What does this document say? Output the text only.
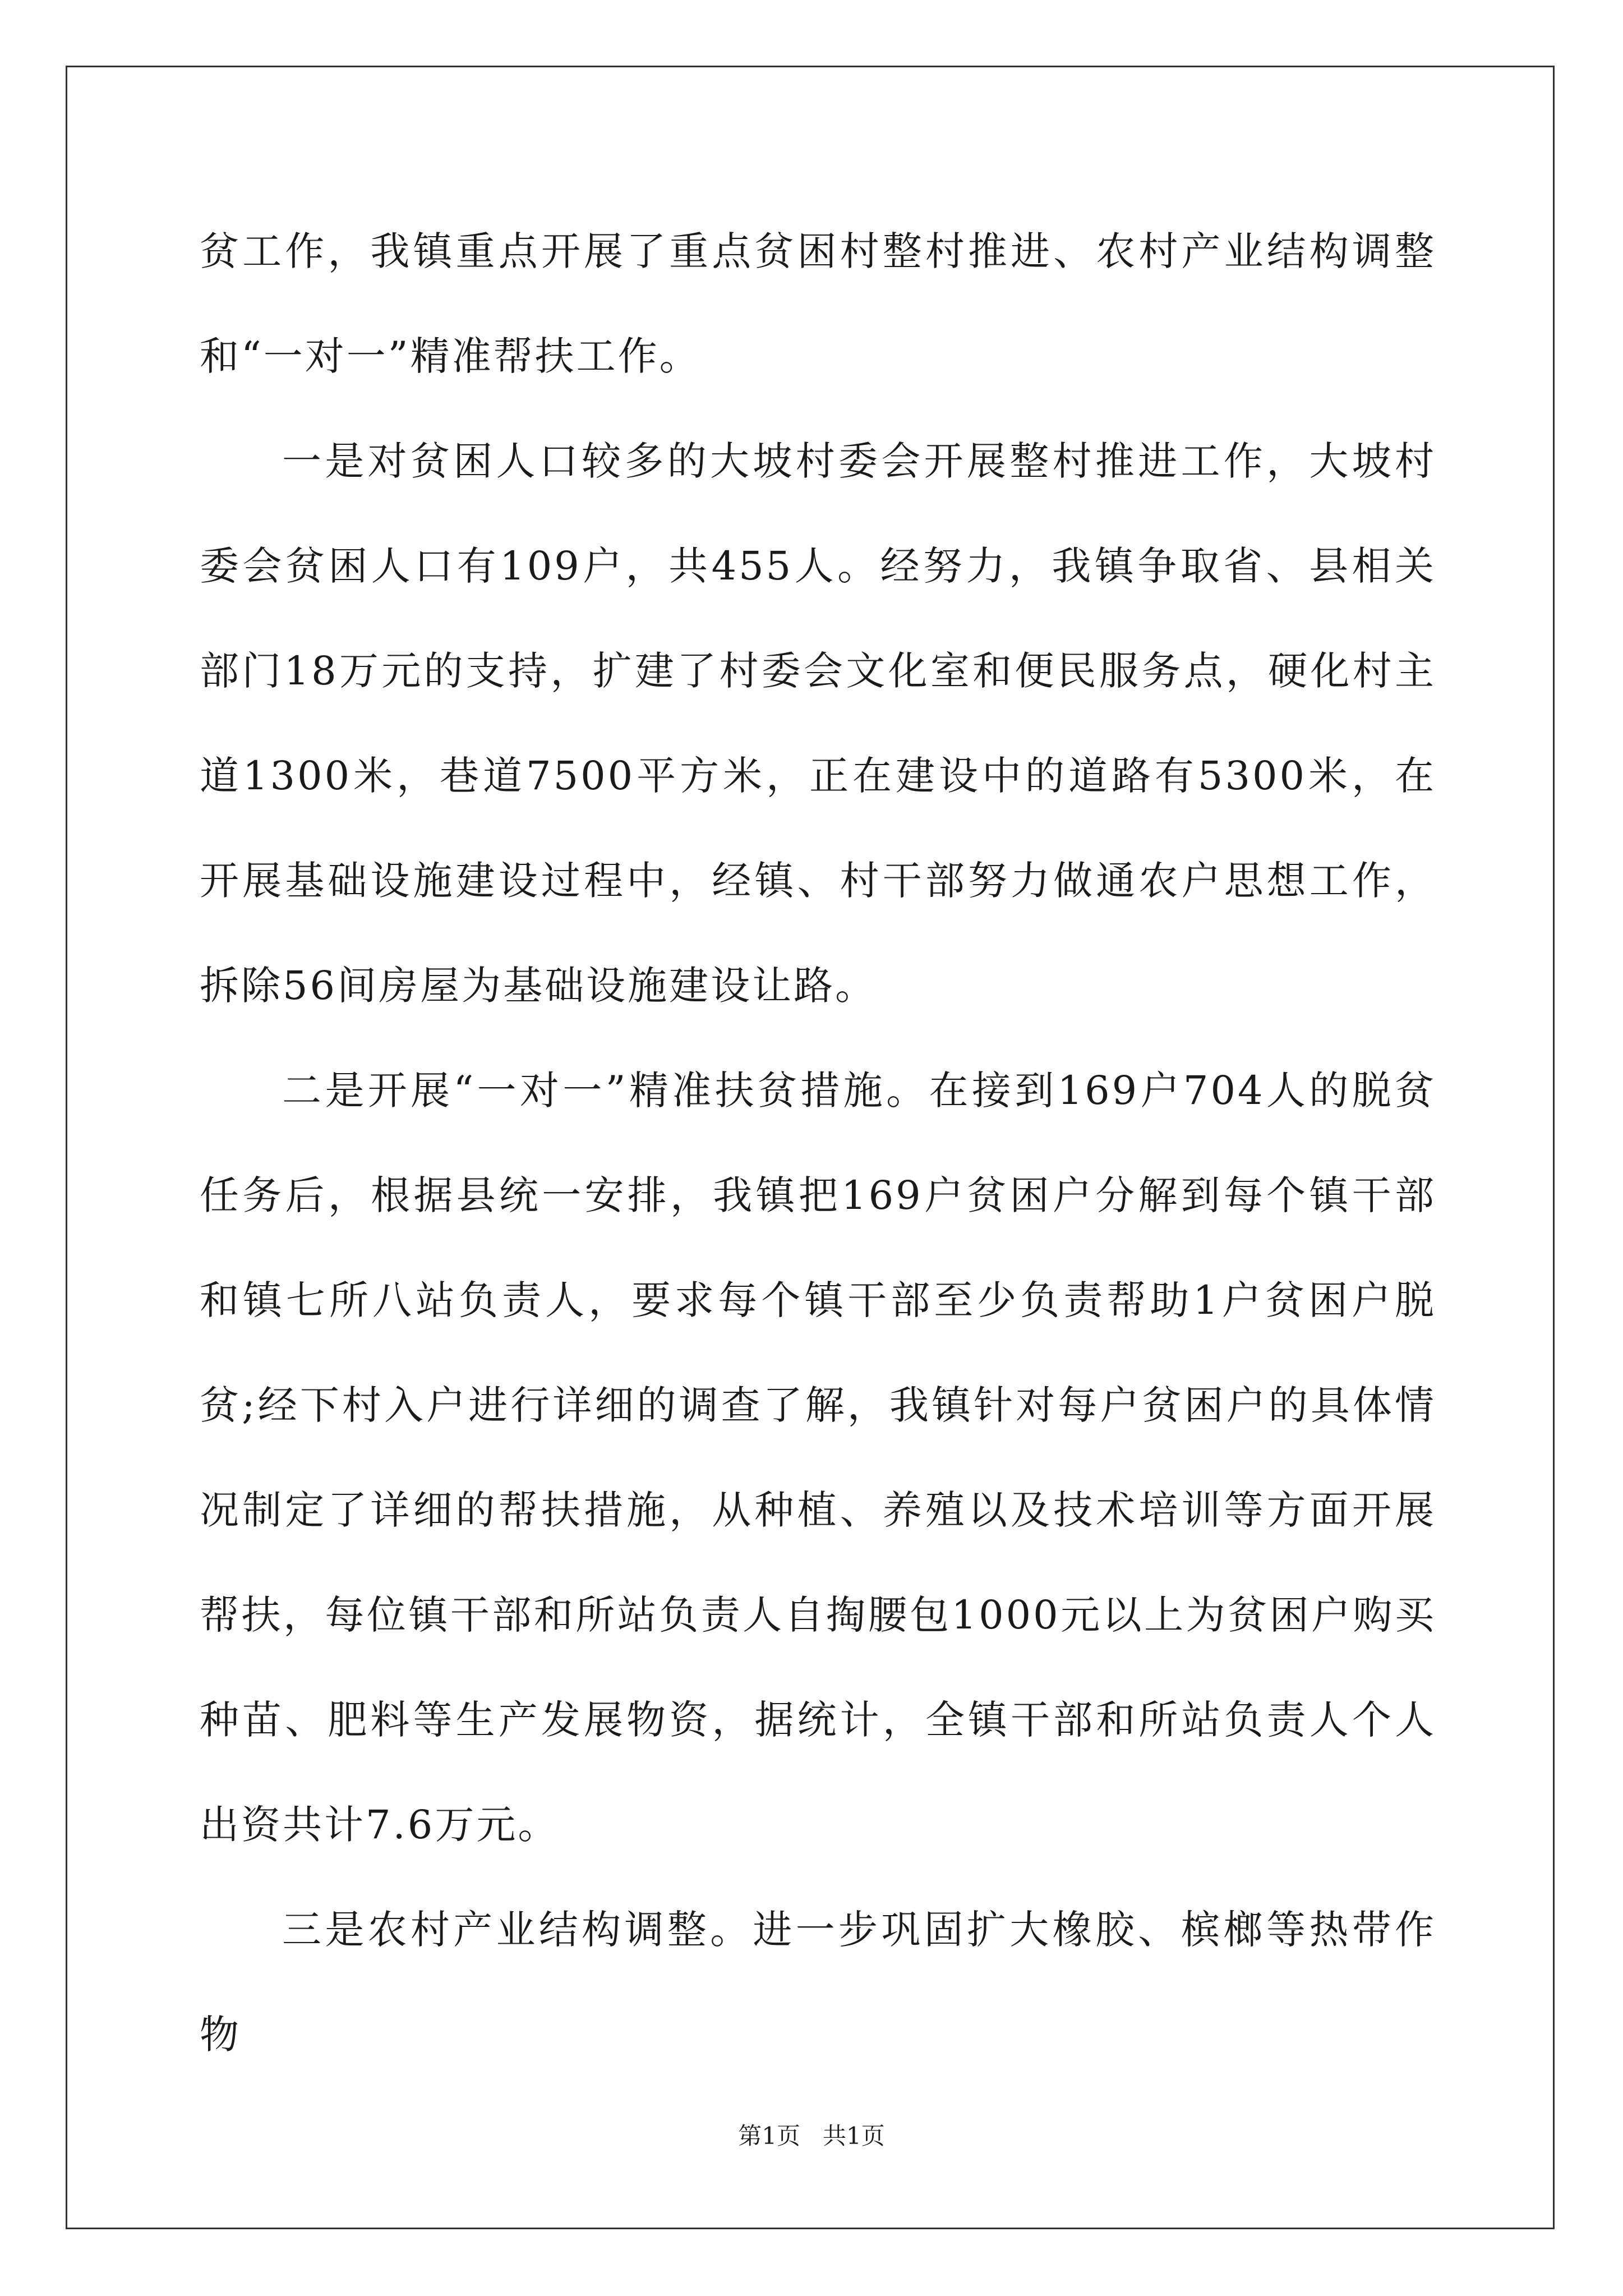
贫工作，我镇重点开展了重点贫困村整村推进、农村产业结构调整和“一对一”精准帮扶工作。

一是对贫困人口较多的大坡村委会开展整村推进工作，大坡村委会贫困人口有109户，共455人。经努力，我镇争取省、县相关部门18万元的支持，扩建了村委会文化室和便民服务点，硬化村主道1300米，巷道7500平方米，正在建设中的道路有5300米，在开展基础设施建设过程中，经镇、村干部努力做通农户思想工作，拆除56间房屋为基础设施建设让路。

二是开展“一对一”精准扶贫措施。在接到169户704人的脱贫任务后，根据县统一安排，我镇把169户贫困户分解到每个镇干部和镇七所八站负责人，要求每个镇干部至少负责帮助1户贫困户脱贫;经下村入户进行详细的调查了解，我镇针对每户贫困户的具体情况制定了详细的帮扶措施，从种植、养殖以及技术培训等方面开展帮扶，每位镇干部和所站负责人自掏腰包1000元以上为贫困户购买种苗、肥料等生产发展物资，据统计，全镇干部和所站负责人个人出资共计7.6万元。

三是农村产业结构调整。进一步巩固扩大橡胶、槟榔等热带作物

第1页 共1页
